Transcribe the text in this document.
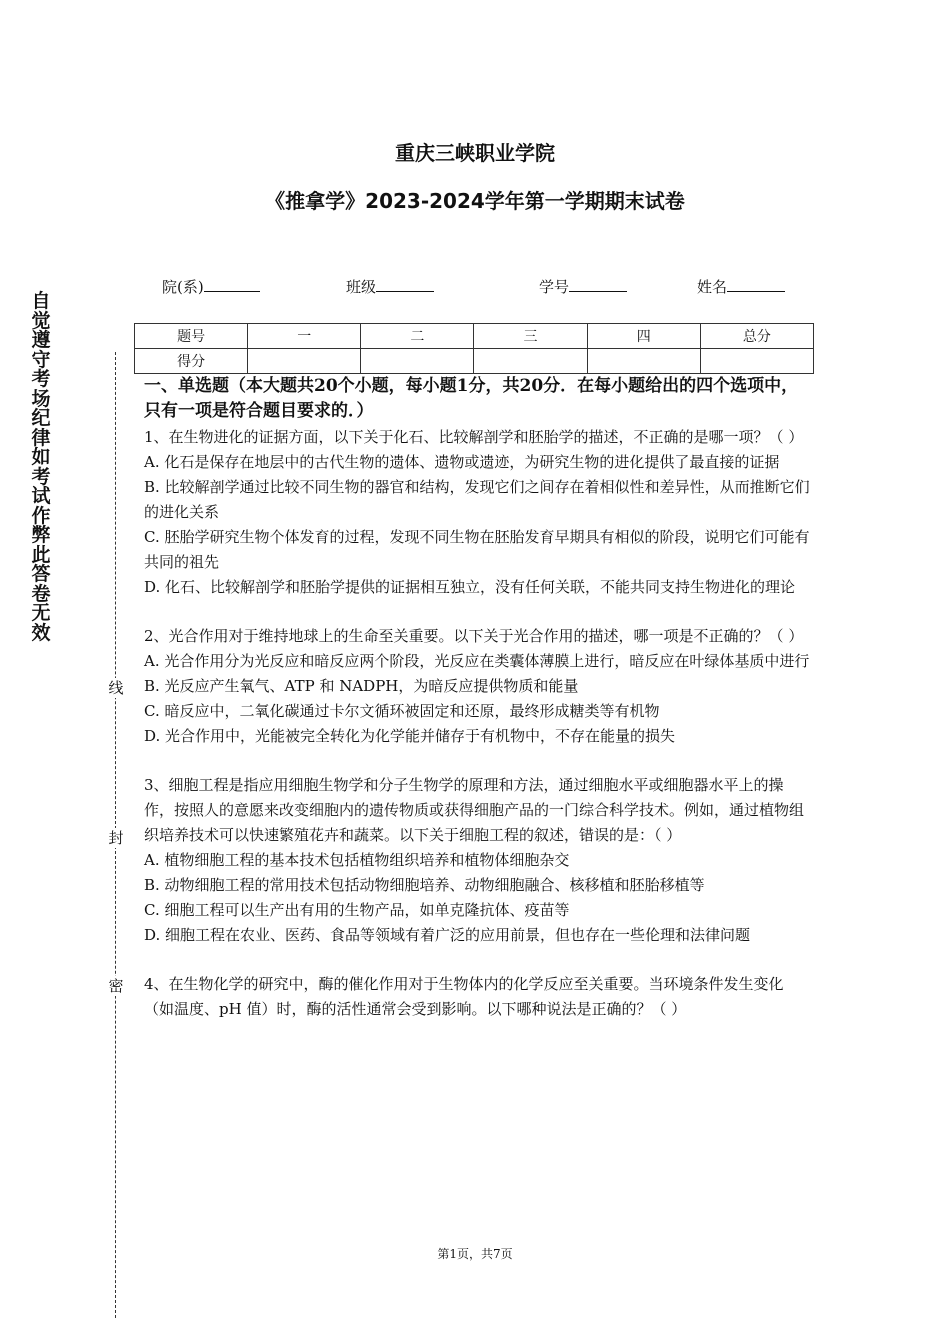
自
觉
遵
守
考
场
纪
律
如
考
试
作
弊
此
答
卷
无
效
线
封
密
重庆三峡职业学院
《推拿学》2023-2024学年第一学期期末试卷
院(系)	班级	学号	姓名
题号	一	二	三	四	总分
得分					

一、单选题（本大题共20个小题，每小题1分，共20分．在每小题给出的四个选项中，只有一项是符合题目要求的．）

1、在生物进化的证据方面，以下关于化石、比较解剖学和胚胎学的描述，不正确的是哪一项？（ ）

A. 化石是保存在地层中的古代生物的遗体、遗物或遗迹，为研究生物的进化提供了最直接的证据

B. 比较解剖学通过比较不同生物的器官和结构，发现它们之间存在着相似性和差异性，从而推断它们的进化关系

C. 胚胎学研究生物个体发育的过程，发现不同生物在胚胎发育早期具有相似的阶段，说明它们可能有共同的祖先

D. 化石、比较解剖学和胚胎学提供的证据相互独立，没有任何关联，不能共同支持生物进化的理论

2、光合作用对于维持地球上的生命至关重要。以下关于光合作用的描述，哪一项是不正确的？（ ）

A. 光合作用分为光反应和暗反应两个阶段，光反应在类囊体薄膜上进行，暗反应在叶绿体基质中进行

B. 光反应产生氧气、ATP 和 NADPH，为暗反应提供物质和能量

C. 暗反应中，二氧化碳通过卡尔文循环被固定和还原，最终形成糖类等有机物

D. 光合作用中，光能被完全转化为化学能并储存于有机物中，不存在能量的损失

3、细胞工程是指应用细胞生物学和分子生物学的原理和方法，通过细胞水平或细胞器水平上的操作，按照人的意愿来改变细胞内的遗传物质或获得细胞产品的一门综合科学技术。例如，通过植物组织培养技术可以快速繁殖花卉和蔬菜。以下关于细胞工程的叙述，错误的是：（ ）

A. 植物细胞工程的基本技术包括植物组织培养和植物体细胞杂交

B. 动物细胞工程的常用技术包括动物细胞培养、动物细胞融合、核移植和胚胎移植等

C. 细胞工程可以生产出有用的生物产品，如单克隆抗体、疫苗等

D. 细胞工程在农业、医药、食品等领域有着广泛的应用前景，但也存在一些伦理和法律问题

4、在生物化学的研究中，酶的催化作用对于生物体内的化学反应至关重要。当环境条件发生变化（如温度、pH 值）时，酶的活性通常会受到影响。以下哪种说法是正确的？（ ）

第1页，共7页
